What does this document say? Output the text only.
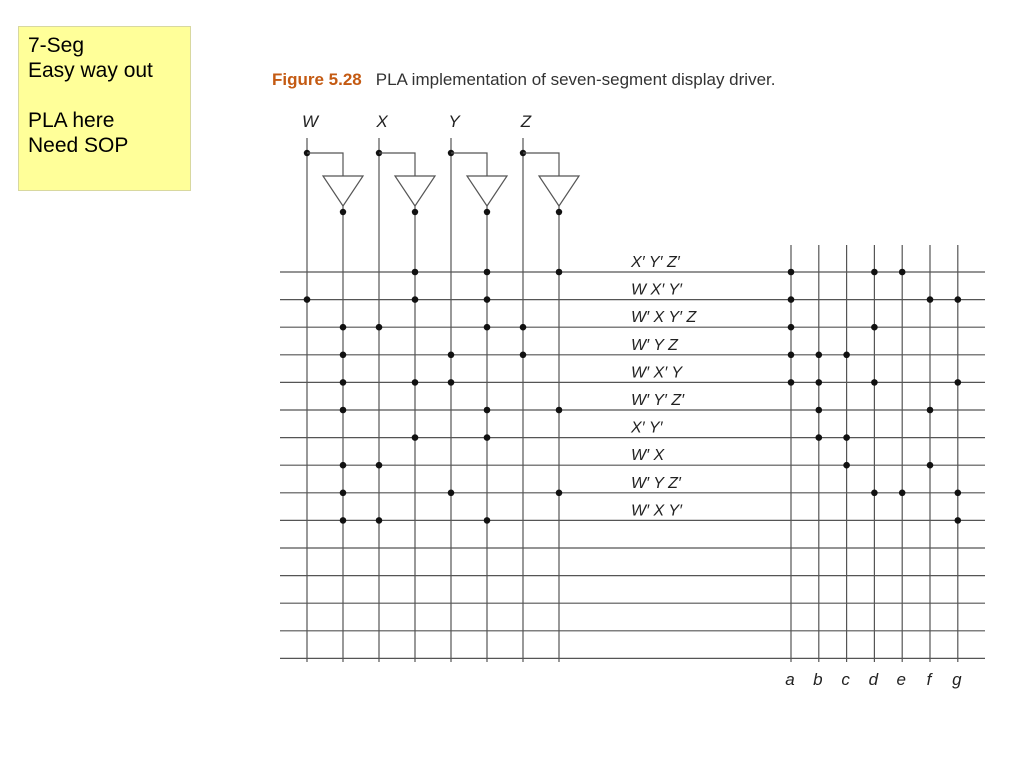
7-Seg
Easy way out
PLA here
Need SOP
Figure 5.28 PLA implementation of seven-segment display driver.
W	X	Y	Z
a b c d e f g
X′ Y′ Z′
W X′ Y′
W′ X Y′ Z
W′ Y Z
W′ X′ Y
W′ Y′ Z′
X′ Y′
W′ X
W′ Y Z′
W′ X Y′
